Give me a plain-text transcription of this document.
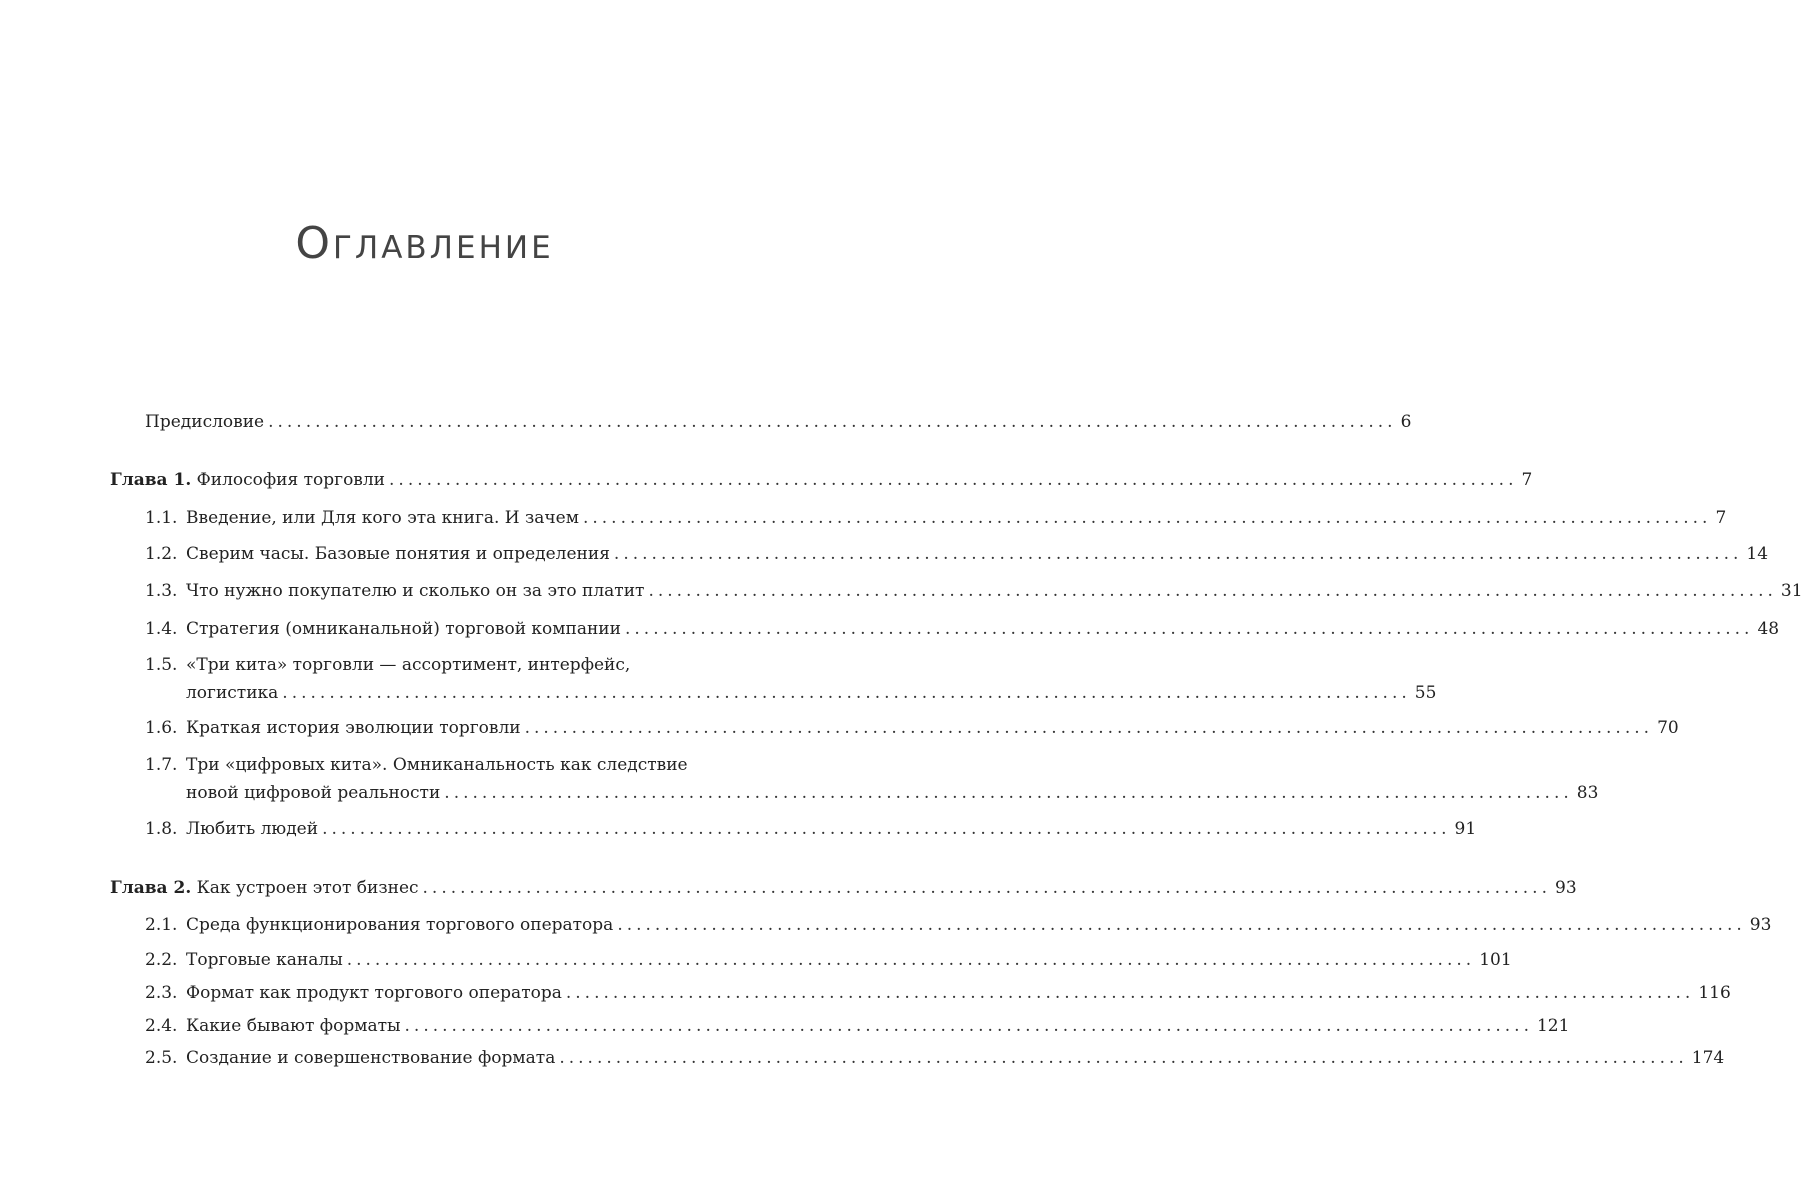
Оглавление
Предисловие ........................................................................................................................ 6
Глава 1. Философия торговли ........................................................................................................................ 7
1.1. Введение, или Для кого эта книга. И зачем ........................................................................................................................ 7
1.2. Сверим часы. Базовые понятия и определения ........................................................................................................................ 14
1.3. Что нужно покупателю и сколько он за это платит ........................................................................................................................ 31
1.4. Стратегия (омниканальной) торговой компании ........................................................................................................................ 48
1.5. «Три кита» торговли — ассортимент, интерфейс,
логистика ........................................................................................................................ 55
1.6. Краткая история эволюции торговли ........................................................................................................................ 70
1.7. Три «цифровых кита». Омниканальность как следствие
новой цифровой реальности ........................................................................................................................ 83
1.8. Любить людей ........................................................................................................................ 91
Глава 2. Как устроен этот бизнес ........................................................................................................................ 93
2.1. Среда функционирования торгового оператора ........................................................................................................................ 93
2.2. Торговые каналы ........................................................................................................................ 101
2.3. Формат как продукт торгового оператора ........................................................................................................................ 116
2.4. Какие бывают форматы ........................................................................................................................ 121
2.5. Создание и совершенствование формата ........................................................................................................................ 174
